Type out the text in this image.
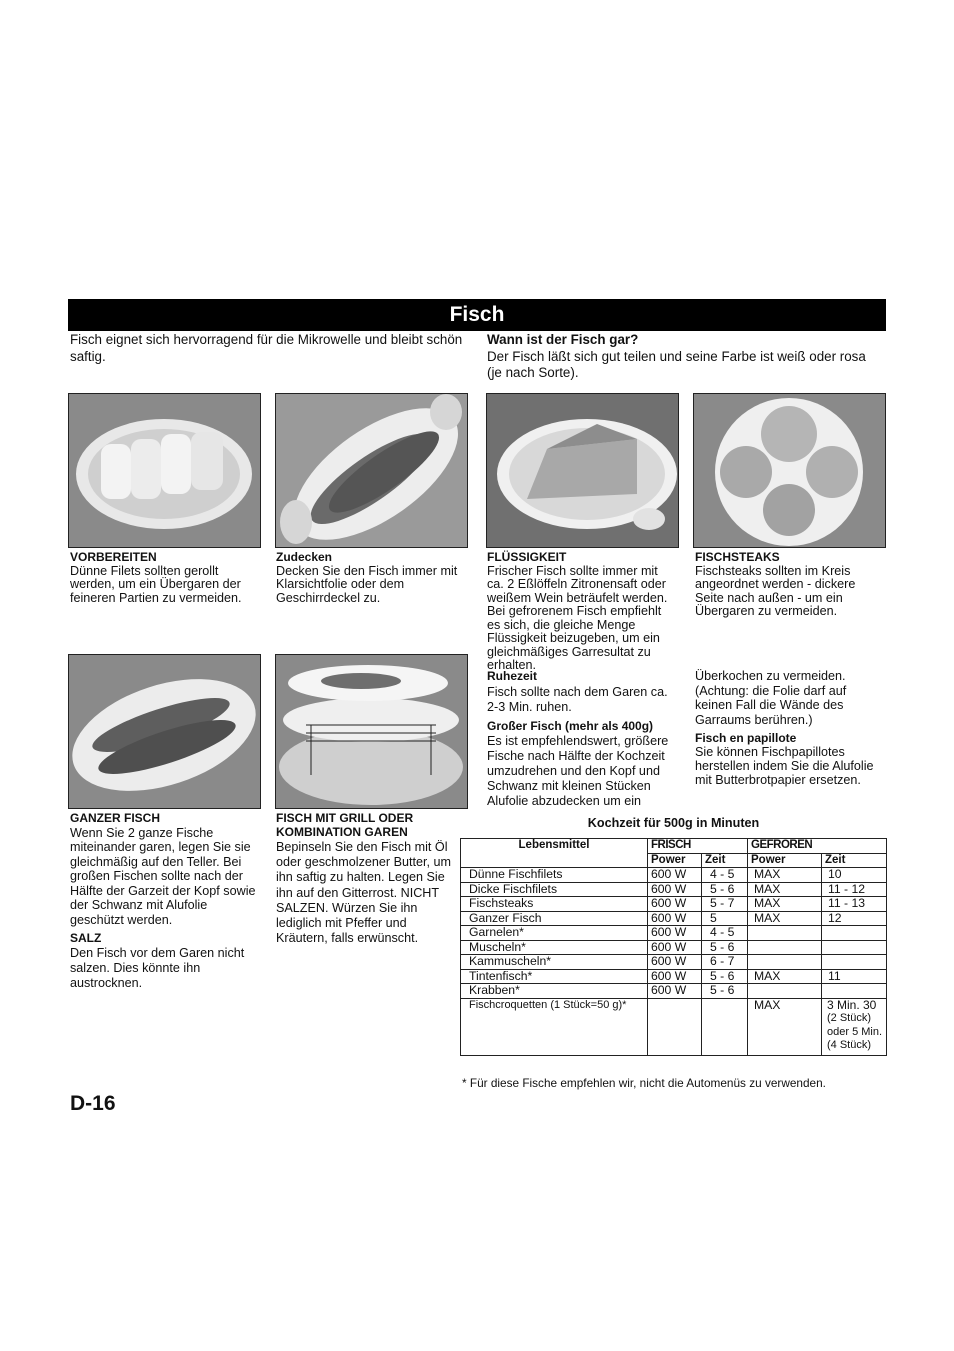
Fisch
Fisch eignet sich hervorragend für die Mikrowelle und bleibt schön saftig.
Wann ist der Fisch gar?
Der Fisch läßt sich gut teilen und seine Farbe ist weiß oder rosa (je nach Sorte).
VORBEREITEN
Dünne Filets sollten gerollt werden, um ein Übergaren der feineren Partien zu vermeiden.
Zudecken
Decken Sie den Fisch immer mit Klarsichtfolie oder dem Geschirrdeckel zu.
FLÜSSIGKEIT
Frischer Fisch sollte immer mit ca. 2 Eßlöffeln Zitronensaft oder weißem Wein beträufelt werden. Bei gefrorenem Fisch empfiehlt es sich, die gleiche Menge Flüssigkeit beizugeben, um ein gleichmäßiges Garresultat zu erhalten.
FISCHSTEAKS
Fischsteaks sollten im Kreis angeordnet werden - dickere Seite nach außen - um ein Übergaren zu vermeiden.
Ruhezeit
Fisch sollte nach dem Garen ca. 2-3 Min. ruhen.
Großer Fisch (mehr als 400g)
Es ist empfehlendswert, größere Fische nach Hälfte der Kochzeit umzudrehen und den Kopf und Schwanz mit kleinen Stücken Alufolie abzudecken um ein
Überkochen zu vermeiden. (Achtung: die Folie darf auf keinen Fall die Wände des Garraums berühren.)
Fisch en papillote
Sie können Fischpapillotes herstellen indem Sie die Alufolie mit Butterbrotpapier ersetzen.
GANZER FISCH
Wenn Sie 2 ganze Fische miteinander garen, legen Sie sie gleichmäßig auf den Teller. Bei großen Fischen sollte nach der Hälfte der Garzeit der Kopf sowie der Schwanz mit Alufolie geschützt werden.
SALZ
Den Fisch vor dem Garen nicht salzen. Dies könnte ihn austrocknen.
FISCH MIT GRILL ODER KOMBINATION GAREN
Bepinseln Sie den Fisch mit Öl oder geschmolzener Butter, um ihn saftig zu halten. Legen Sie ihn auf den Gitterrost. NICHT SALZEN. Würzen Sie ihn lediglich mit Pfeffer und Kräutern, falls erwünscht.
Kochzeit für 500g in Minuten
Lebensmittel	FRISCH		GEFROREN	
	Power	Zeit	Power	Zeit
Dünne Fischfilets	600 W	4 - 5	MAX	10
Dicke Fischfilets	600 W	5 - 6	MAX	11 - 12
Fischsteaks	600 W	5 - 7	MAX	11 - 13
Ganzer Fisch	600 W	5	MAX	12
Garnelen*	600 W	4 - 5		
Muscheln*	600 W	5 - 6		
Kammuscheln*	600 W	6 - 7		
Tintenfisch*	600 W	5 - 6	MAX	11
Krabben*	600 W	5 - 6		
Fischcroquetten (1 Stück=50 g)*			MAX	3 Min. 30
(2 Stück)
oder 5 Min.
(4 Stück)
* Für diese Fische empfehlen wir, nicht die Automenüs zu verwenden.
D-16
